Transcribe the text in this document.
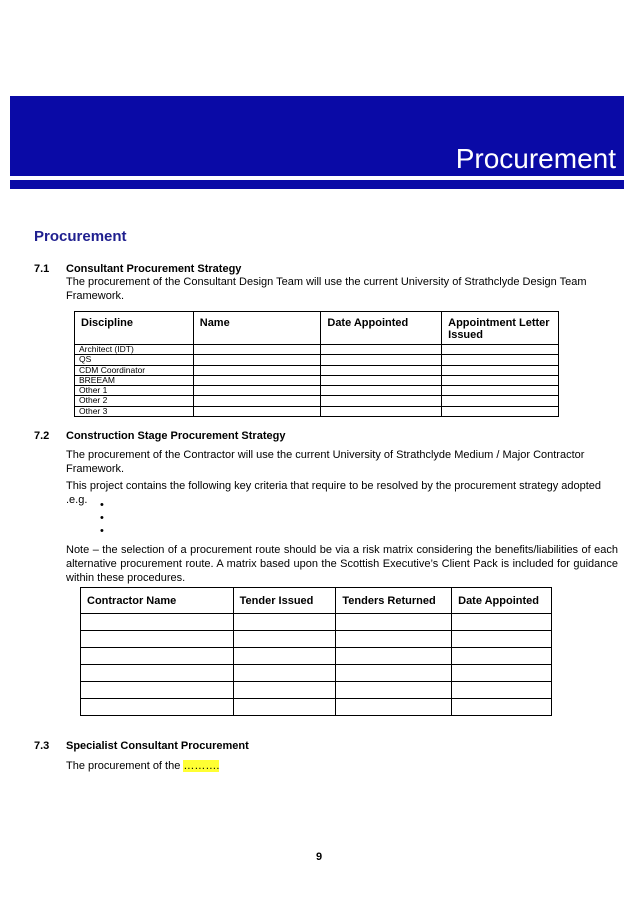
Procurement
Procurement
7.1 Consultant Procurement Strategy
The procurement of the Consultant Design Team will use the current University of Strathclyde Design Team Framework.
Discipline	Name	Date Appointed	Appointment Letter Issued
Architect (IDT)			
QS			
CDM Coordinator			
BREEAM			
Other 1			
Other 2			
Other 3			
7.2 Construction Stage Procurement Strategy
The procurement of the Contractor will use the current University of Strathclyde Medium / Major Contractor Framework.
This project contains the following key criteria that require to be resolved by the procurement strategy adopted .e.g.	•
•
•
Note – the selection of a procurement route should be via a risk matrix considering the benefits/liabilities of each alternative procurement route. A matrix based upon the Scottish Executive’s Client Pack is included for guidance within these procedures.
Contractor Name	Tender Issued	Tenders Returned	Date Appointed

7.3 Specialist Consultant Procurement
The procurement of the ……….
9
